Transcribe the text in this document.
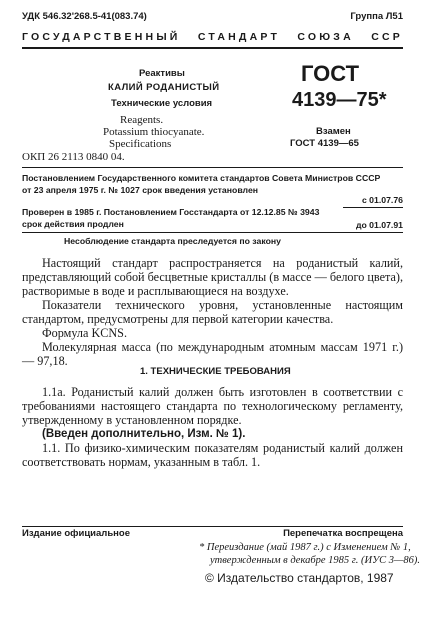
УДК 546.32'268.5-41(083.74)	Группа Л51
ГОСУДАРСТВЕННЫЙ СТАНДАРТ СОЮЗА ССР
Реактивы
КАЛИЙ РОДАНИСТЫЙ
Технические условия
Reagents.
Potassium thiocyanate.
Specifications
ГОСТ
4139—75*
Взамен
ГОСТ 4139—65
ОКП 26 2113 0840 04.
Постановлением Государственного комитета стандартов Совета Министров СССР
от 23 апреля 1975 г. № 1027 срок введения установлен
с 01.07.76
Проверен в 1985 г. Постановлением Госстандарта от 12.12.85 № 3943
срок действия продлен	до 01.07.91
Несоблюдение стандарта преследуется по закону

Настоящий стандарт распространяется на роданистый калий, представляющий собой бесцветные кристаллы (в массе — белого цвета), растворимые в воде и расплывающиеся на воздухе.

Показатели технического уровня, установленные настоящим стандартом, предусмотрены для первой категории качества.

Формула KCNS.

Молекулярная масса (по международным атомным массам 1971 г.) — 97,18.

1. ТЕХНИЧЕСКИЕ ТРЕБОВАНИЯ

1.1а. Роданистый калий должен быть изготовлен в соответствии с требованиями настоящего стандарта по технологическому регламенту, утвержденному в установленном порядке.

(Введен дополнительно, Изм. № 1).

1.1. По физико-химическим показателям роданистый калий должен соответствовать нормам, указанным в табл. 1.

Издание официальное	Перепечатка воспрещена
* Переиздание (май 1987 г.) с Изменением № 1,
утвержденным в декабре 1985 г. (ИУС 3—86).
© Издательство стандартов, 1987
